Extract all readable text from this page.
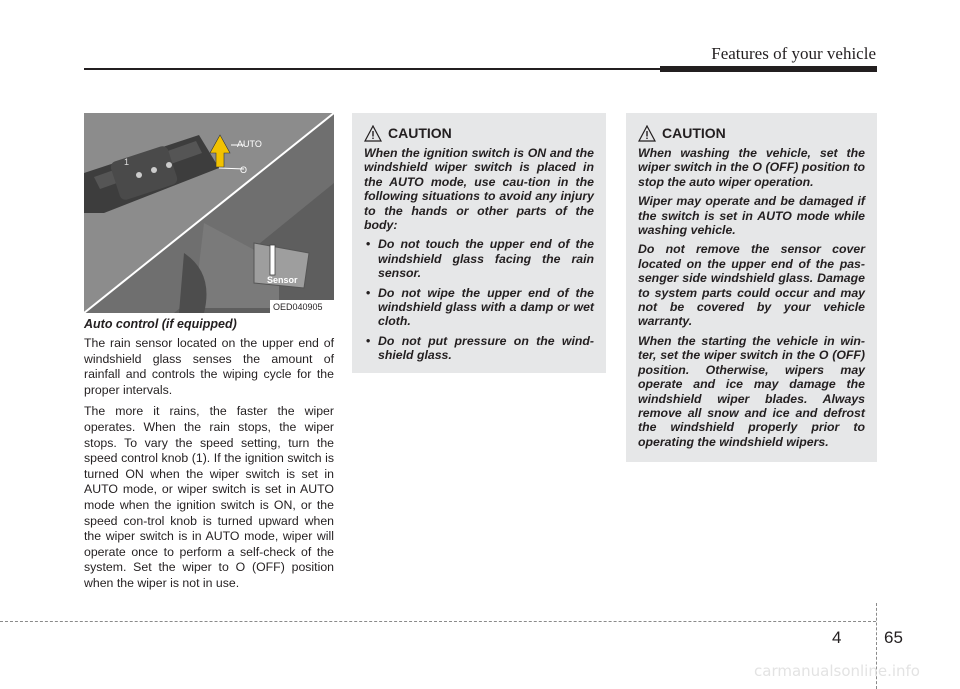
Features of your vehicle
1
AUTO
O
Sensor
OED040905
Auto control (if equipped)

The rain sensor located on the upper end of windshield glass senses the amount of rainfall and controls the wiping cycle for the proper intervals.

The more it rains, the faster the wiper operates. When the rain stops, the wiper stops. To vary the speed setting, turn the speed control knob (1). If the ignition switch is turned ON when the wiper switch is set in AUTO mode, or wiper switch is set in AUTO mode when the ignition switch is ON, or the speed con-trol knob is turned upward when the wiper switch is in AUTO mode, wiper will operate once to perform a self-check of the system. Set the wiper to O (OFF) position when the wiper is not in use.

CAUTION

When the ignition switch is ON and the windshield wiper switch is placed in the AUTO mode, use cau-tion in the following situations to avoid any injury to the hands or other parts of the body:

• Do not touch the upper end of the windshield glass facing the rain sensor.
• Do not wipe the upper end of the windshield glass with a damp or wet cloth.
• Do not put pressure on the wind-shield glass.
CAUTION

When washing the vehicle, set the wiper switch in the O (OFF) position to stop the auto wiper operation.

Wiper may operate and be damaged if the switch is set in AUTO mode while washing vehicle.

Do not remove the sensor cover located on the upper end of the pas-senger side windshield glass. Damage to system parts could occur and may not be covered by your vehicle warranty.

When the starting the vehicle in win-ter, set the wiper switch in the O (OFF) position. Otherwise, wipers may operate and ice may damage the windshield wiper blades. Always remove all snow and ice and defrost the windshield properly prior to operating the windshield wipers.

4	65
carmanualsonline.info
